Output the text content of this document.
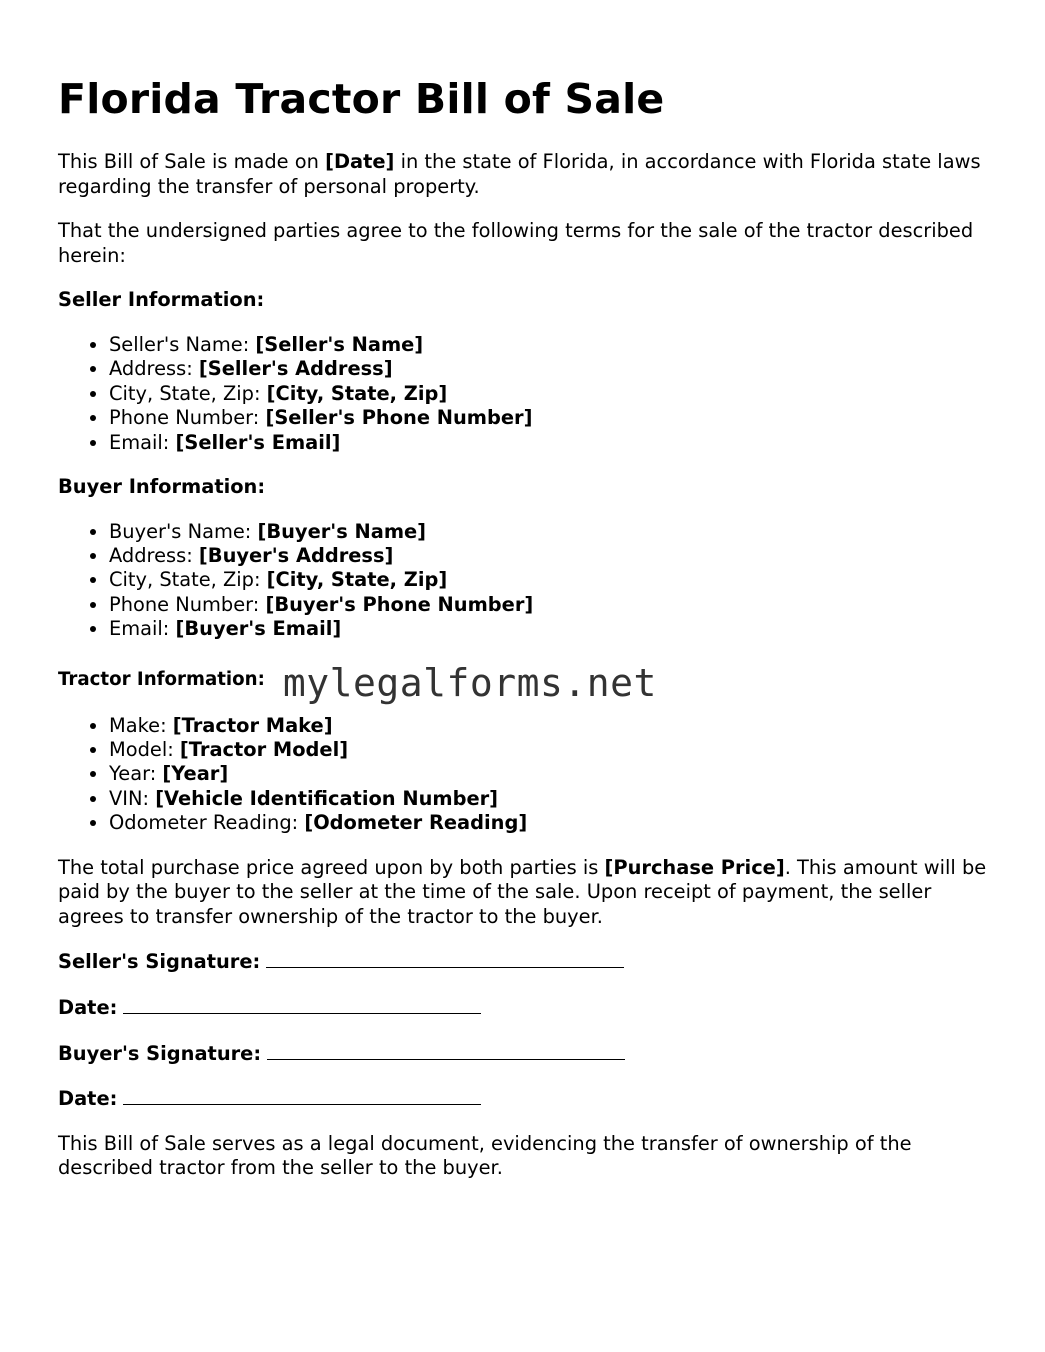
Florida Tractor Bill of Sale

This Bill of Sale is made on [Date] in the state of Florida, in accordance with Florida state laws regarding the transfer of personal property.

That the undersigned parties agree to the following terms for the sale of the tractor described herein:

Seller Information:
• Seller's Name: [Seller's Name]
• Address: [Seller's Address]
• City, State, Zip: [City, State, Zip]
• Phone Number: [Seller's Phone Number]
• Email: [Seller's Email]
Buyer Information:
• Buyer's Name: [Buyer's Name]
• Address: [Buyer's Address]
• City, State, Zip: [City, State, Zip]
• Phone Number: [Buyer's Phone Number]
• Email: [Buyer's Email]
Tractor Information: mylegalforms.net
• Make: [Tractor Make]
• Model: [Tractor Model]
• Year: [Year]
• VIN: [Vehicle Identification Number]
• Odometer Reading: [Odometer Reading]

The total purchase price agreed upon by both parties is [Purchase Price]. This amount will be paid by the buyer to the seller at the time of the sale. Upon receipt of payment, the seller agrees to transfer ownership of the tractor to the buyer.

Seller's Signature:
Date:
Buyer's Signature:
Date:

This Bill of Sale serves as a legal document, evidencing the transfer of ownership of the described tractor from the seller to the buyer.
